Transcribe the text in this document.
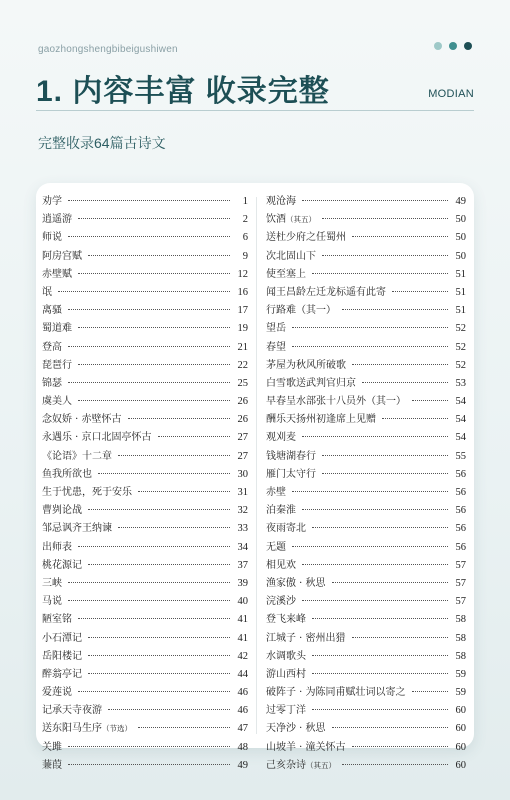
gaozhongshengbibeigushiwen
1. 内容丰富 收录完整	MODIAN
完整收录64篇古诗文
劝学	1
逍遥游	2
师说	6
阿房宫赋	9
赤壁赋	12
氓	16
离骚	17
蜀道难	19
登高	21
琵琶行	22
锦瑟	25
虞美人	26
念奴娇 · 赤壁怀古	26
永遇乐 · 京口北固亭怀古	27
《论语》十二章	27
鱼我所欲也	30
生于忧患，死于安乐	31
曹刿论战	32
邹忌讽齐王纳谏	33
出师表	34
桃花源记	37
三峡	39
马说	40
陋室铭	41
小石潭记	41
岳阳楼记	42
醉翁亭记	44
爱莲说	46
记承天寺夜游	46
送东阳马生序 （节选）	47
关雎	48
蒹葭	49
观沧海	49
饮酒 （其五）	50
送杜少府之任蜀州	50
次北固山下	50
使至塞上	51
闻王昌龄左迁龙标遥有此寄	51
行路难（其一）	51
望岳	52
春望	52
茅屋为秋风所破歌	52
白雪歌送武判官归京	53
早春呈水部张十八员外（其一）	54
酬乐天扬州初逢席上见赠	54
观刈麦	54
钱塘湖春行	55
雁门太守行	56
赤壁	56
泊秦淮	56
夜雨寄北	56
无题	56
相见欢	57
渔家傲 · 秋思	57
浣溪沙	57
登飞来峰	58
江城子 · 密州出猎	58
水调歌头	58
游山西村	59
破阵子 · 为陈同甫赋壮词以寄之	59
过零丁洋	60
天净沙 · 秋思	60
山坡羊 · 潼关怀古	60
己亥杂诗 （其五）	60
